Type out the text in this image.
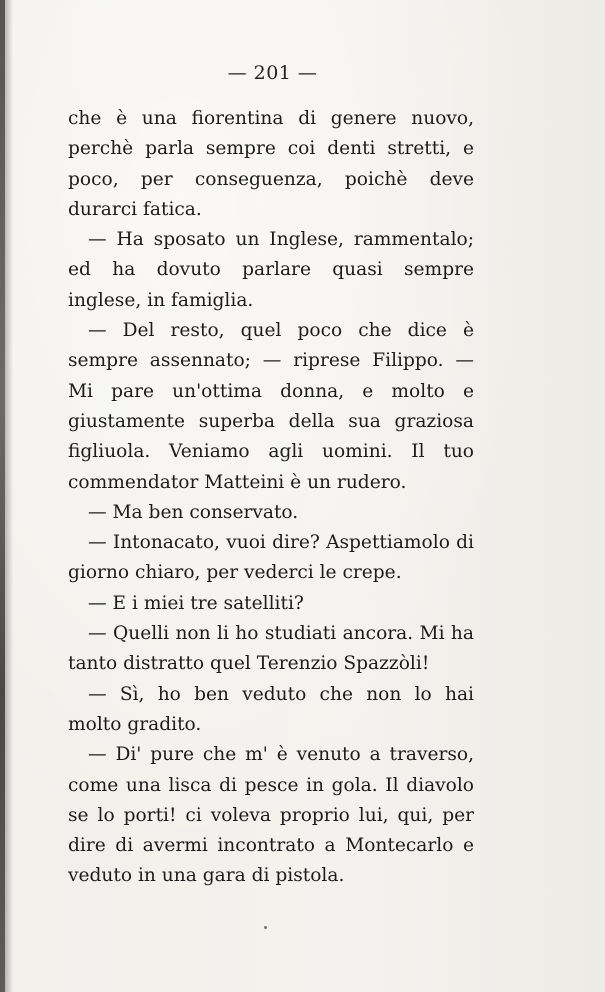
— 201 —

che è una fiorentina di genere nuovo, perchè parla sempre coi denti stretti, e poco, per conseguenza, poichè deve durarci fatica.

— Ha sposato un Inglese, rammentalo; ed ha dovuto parlare quasi sempre inglese, in famiglia.

— Del resto, quel poco che dice è sempre assennato; — riprese Filippo. — Mi pare un'ottima donna, e molto e giustamente superba della sua graziosa figliuola. Veniamo agli uomini. Il tuo commendator Matteini è un rudero.

— Ma ben conservato.

— Intonacato, vuoi dire? Aspettiamolo di giorno chiaro, per vederci le crepe.

— E i miei tre satelliti?

— Quelli non li ho studiati ancora. Mi ha tanto distratto quel Terenzio Spazzòli!

— Sì, ho ben veduto che non lo hai molto gradito.

— Di' pure che m' è venuto a traverso, come una lisca di pesce in gola. Il diavolo se lo porti! ci voleva proprio lui, qui, per dire di avermi incontrato a Montecarlo e veduto in una gara di pistola.
